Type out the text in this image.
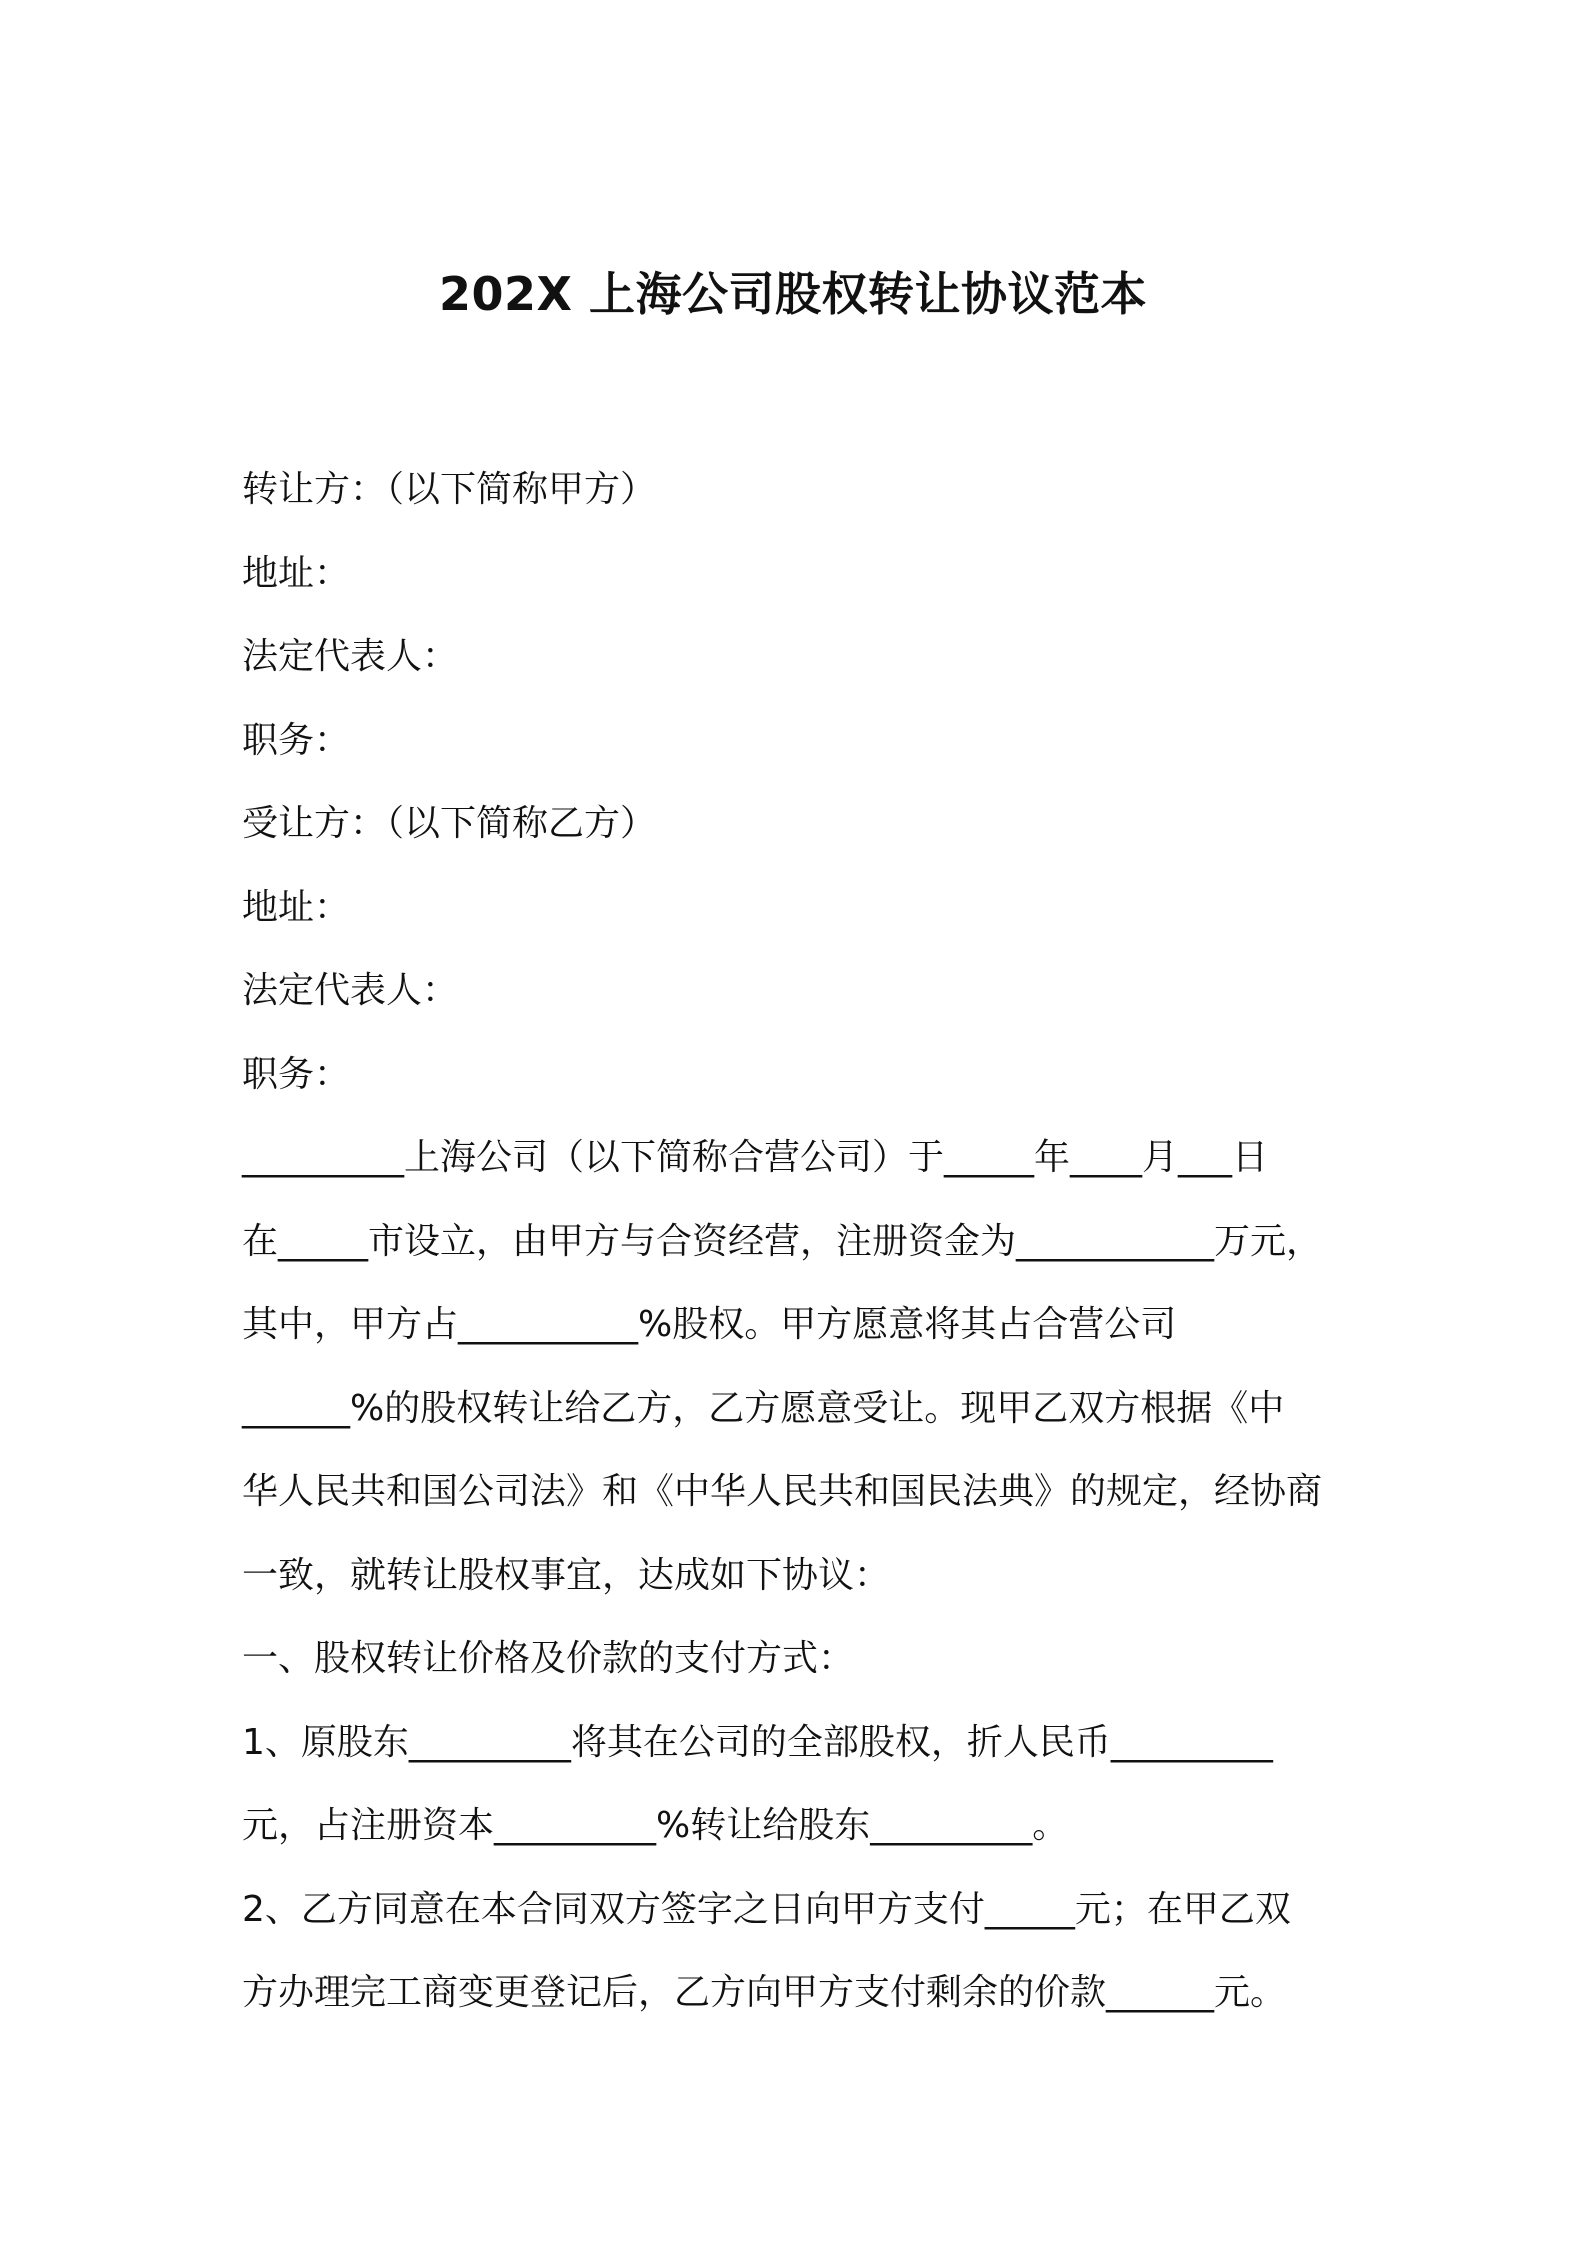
202X 上海公司股权转让协议范本
转让方：（以下简称甲方）
地址：
法定代表人：
职务：
受让方：（以下简称乙方）
地址：
法定代表人：
职务：
_________上海公司（以下简称合营公司）于_____年____月___日
在_____市设立，由甲方与合资经营，注册资金为___________万元，
其中，甲方占__________%股权。甲方愿意将其占合营公司
______%的股权转让给乙方，乙方愿意受让。现甲乙双方根据《中
华人民共和国公司法》和《中华人民共和国民法典》的规定，经协商
一致，就转让股权事宜，达成如下协议：
一、股权转让价格及价款的支付方式：
1、原股东_________将其在公司的全部股权，折人民币_________
元，占注册资本_________%转让给股东_________。
2、乙方同意在本合同双方签字之日向甲方支付_____元；在甲乙双
方办理完工商变更登记后，乙方向甲方支付剩余的价款______元。
